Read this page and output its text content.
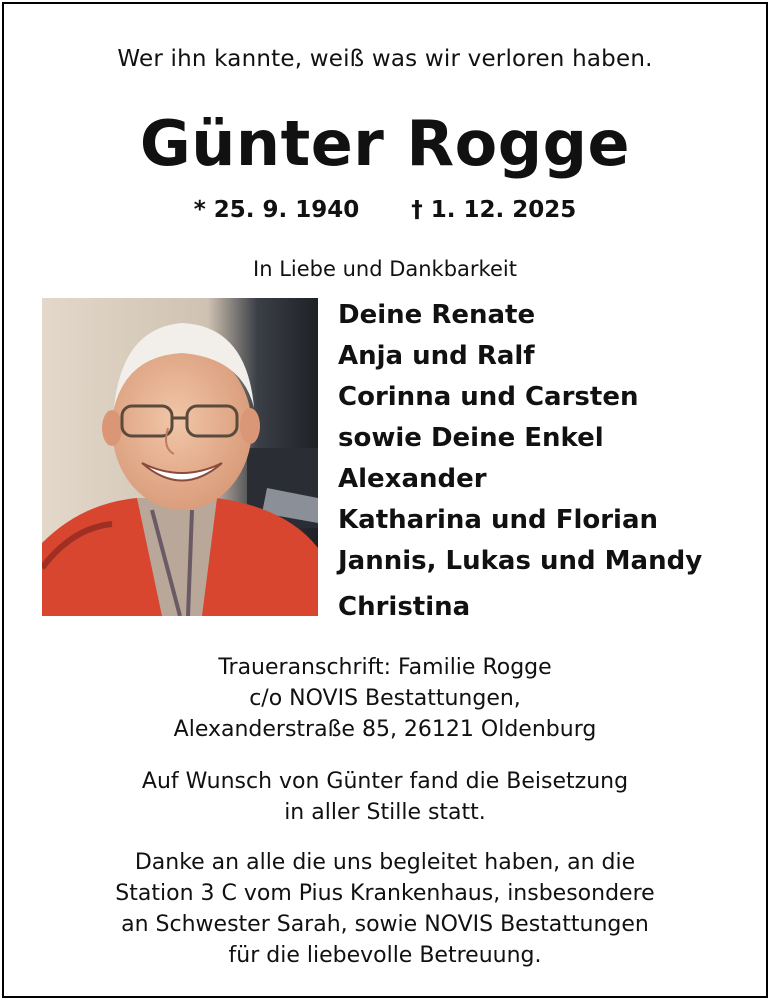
Wer ihn kannte, weiß was wir verloren haben.
Günter Rogge
* 25. 9. 1940 † 1. 12. 2025
In Liebe und Dankbarkeit
Deine Renate
Anja und Ralf
Corinna und Carsten
sowie Deine Enkel
Alexander
Katharina und Florian
Jannis, Lukas und Mandy
Christina
Traueranschrift: Familie Rogge
c/o NOVIS Bestattungen,
Alexanderstraße 85, 26121 Oldenburg
Auf Wunsch von Günter fand die Beisetzung
in aller Stille statt.
Danke an alle die uns begleitet haben, an die
Station 3 C vom Pius Krankenhaus, insbesondere
an Schwester Sarah, sowie NOVIS Bestattungen
für die liebevolle Betreuung.
